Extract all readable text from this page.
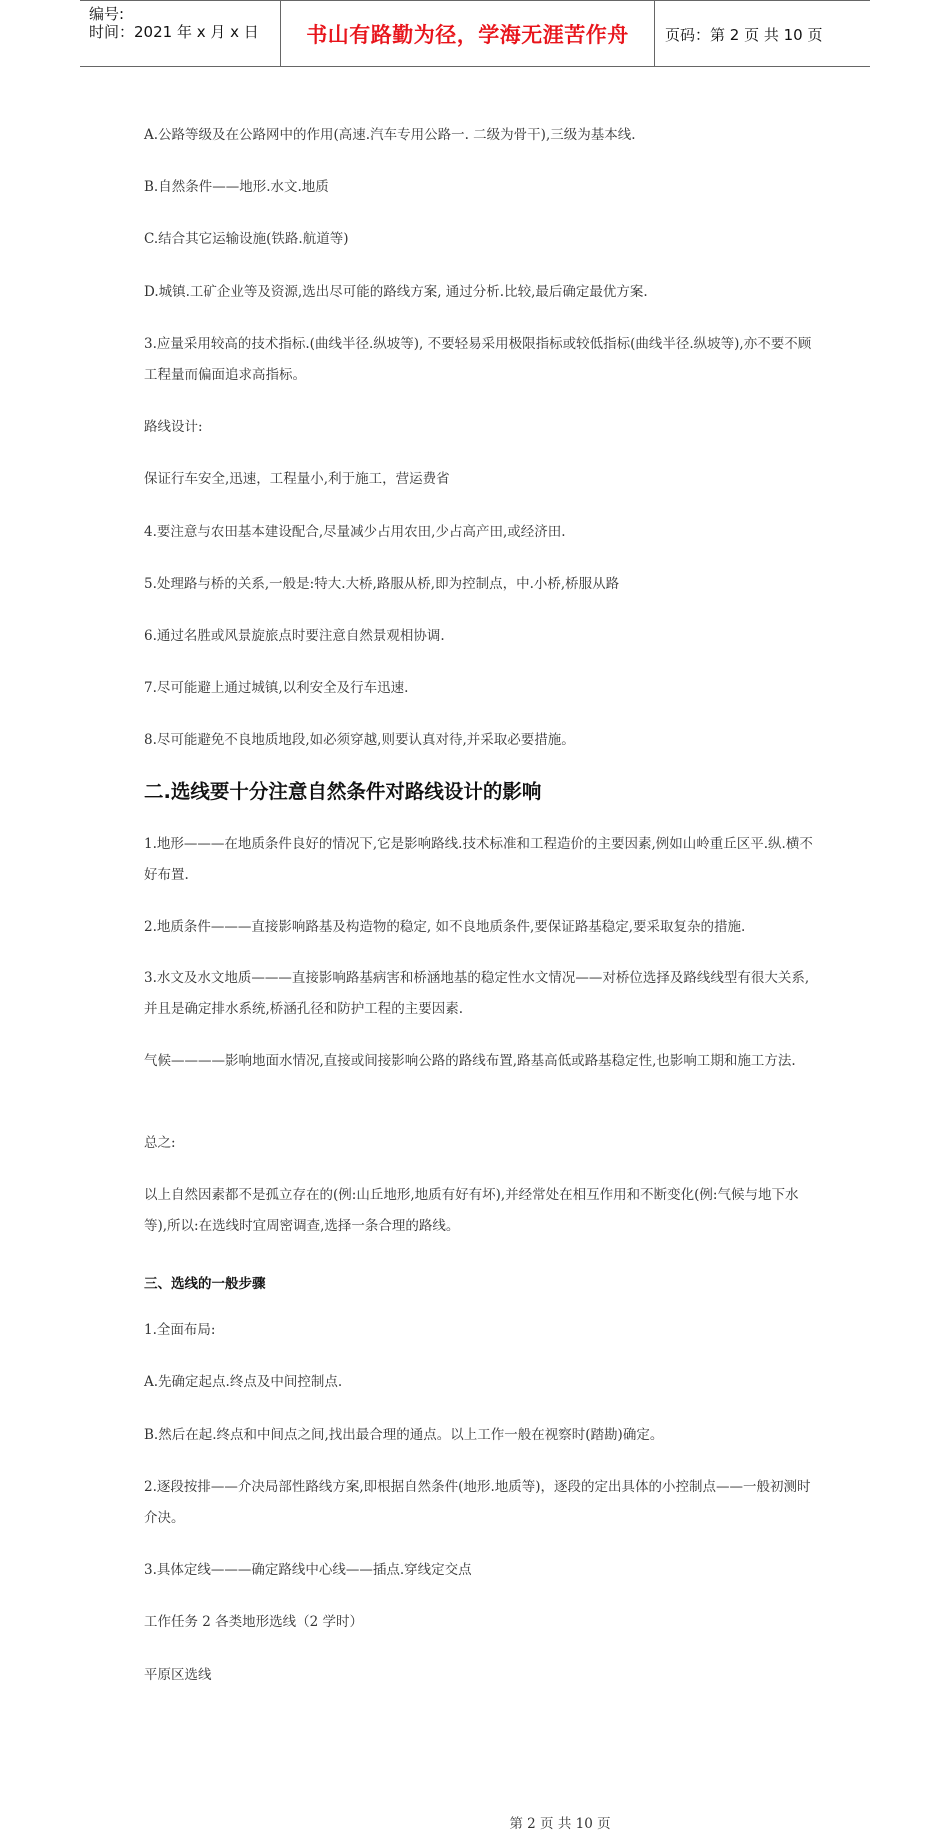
编号:
时间：2021 年 x 月 x 日 书山有路勤为径，学海无涯苦作舟 页码：第 2 页 共 10 页
A.公路等级及在公路网中的作用(高速.汽车专用公路一. 二级为骨干),三级为基本线.
B.自然条件——地形.水文.地质
C.结合其它运输设施(铁路.航道等)
D.城镇.工矿企业等及资源,选出尽可能的路线方案, 通过分析.比较,最后确定最优方案.
3.应量采用较高的技术指标.(曲线半径.纵坡等), 不要轻易采用极限指标或较低指标(曲线半径.纵坡等),亦不要不顾工程量而偏面追求高指标。
路线设计:
保证行车安全,迅速，工程量小,利于施工，营运费省
4.要注意与农田基本建设配合,尽量减少占用农田,少占高产田,或经济田.
5.处理路与桥的关系,一般是:特大.大桥,路服从桥,即为控制点，中.小桥,桥服从路
6.通过名胜或风景旋旅点时要注意自然景观相协调.
7.尽可能避上通过城镇,以利安全及行车迅速.
8.尽可能避免不良地质地段,如必须穿越,则要认真对待,并采取必要措施。
二.选线要十分注意自然条件对路线设计的影响
1.地形———在地质条件良好的情况下,它是影响路线.技术标准和工程造价的主要因素,例如山岭重丘区平.纵.横不好布置.
2.地质条件———直接影响路基及构造物的稳定, 如不良地质条件,要保证路基稳定,要采取复杂的措施.
3.水文及水文地质———直接影响路基病害和桥涵地基的稳定性水文情况——对桥位选择及路线线型有很大关系,并且是确定排水系统,桥涵孔径和防护工程的主要因素.
气候————影响地面水情况,直接或间接影响公路的路线布置,路基高低或路基稳定性,也影响工期和施工方法.
总之:
以上自然因素都不是孤立存在的(例:山丘地形,地质有好有坏),并经常处在相互作用和不断变化(例:气候与地下水等),所以:在选线时宜周密调查,选择一条合理的路线。
三、选线的一般步骤
1.全面布局:
A.先确定起点.终点及中间控制点.
B.然后在起.终点和中间点之间,找出最合理的通点。以上工作一般在视察时(踏勘)确定。
2.逐段按排——介决局部性路线方案,即根据自然条件(地形.地质等)，逐段的定出具体的小控制点——一般初测时介决。
3.具体定线———确定路线中心线——插点.穿线定交点
工作任务 2 各类地形选线（2 学时）
平原区选线
第 2 页 共 10 页
